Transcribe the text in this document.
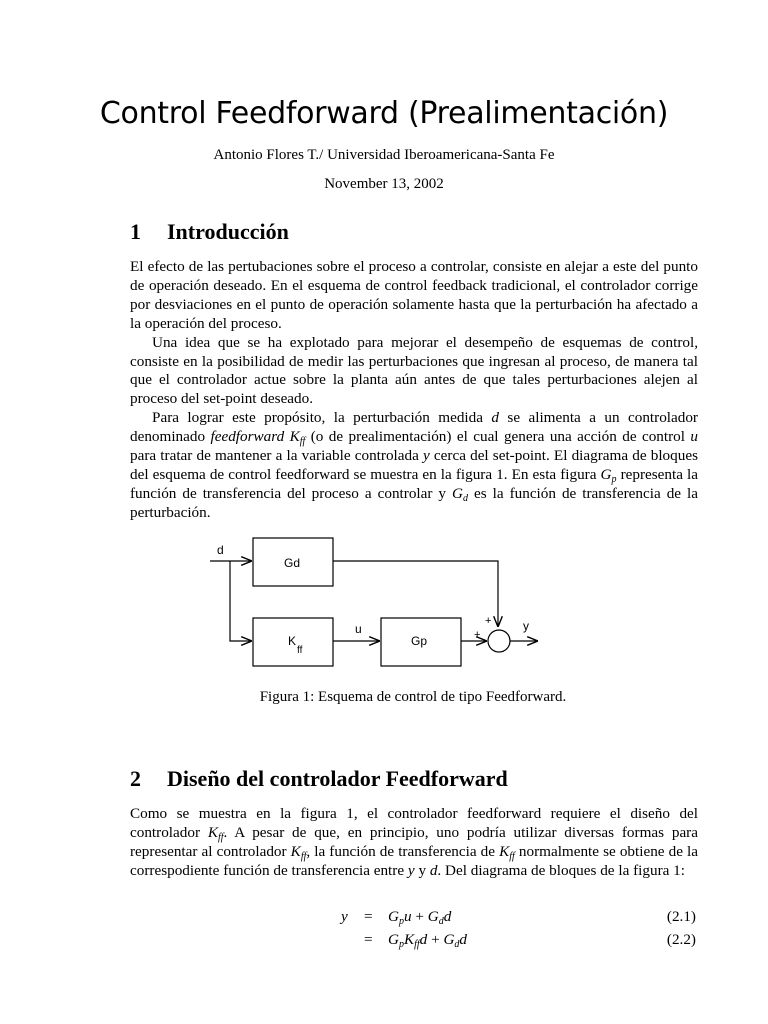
Control Feedforward (Prealimentación)
Antonio Flores T./ Universidad Iberoamericana-Santa Fe
November 13, 2002
1 Introducción

El efecto de las pertubaciones sobre el proceso a controlar, consiste en alejar a este del punto de operación deseado. En el esquema de control feedback tradicional, el controlador corrige por desviaciones en el punto de operación solamente hasta que la perturbación ha afectado a la operación del proceso.

Una idea que se ha explotado para mejorar el desempeño de esquemas de control, consiste en la posibilidad de medir las perturbaciones que ingresan al proceso, de manera tal que el controlador actue sobre la planta aún antes de que tales perturbaciones alejen al proceso del set-point deseado.

Para lograr este propósito, la perturbación medida d se alimenta a un controlador denominado feedforward $K_{ff}$ (o de prealimentación) el cual genera una acción de control u para tratar de mantener a la variable controlada y cerca del set-point. El diagrama de bloques del esquema de control feedforward se muestra en la figura 1. En esta figura $G_p$ representa la función de transferencia del proceso a controlar y $G_d$ es la función de transferencia de la perturbación.

d
Gd
K
ff
u
Gp
+
+
y
Figura 1: Esquema de control de tipo Feedforward.
2 Diseño del controlador Feedforward

Como se muestra en la figura 1, el controlador feedforward requiere el diseño del controlador $K_{ff}$. A pesar de que, en principio, uno podría utilizar diversas formas para representar al controlador $K_{ff}$, la función de transferencia de $K_{ff}$ normalmente se obtiene de la correspodiente función de transferencia entre y y d. Del diagrama de bloques de la figura 1:

$y = G_pu + G_dd$	(2.1)
= $G_pK_{ff}d + G_dd$	(2.2)
